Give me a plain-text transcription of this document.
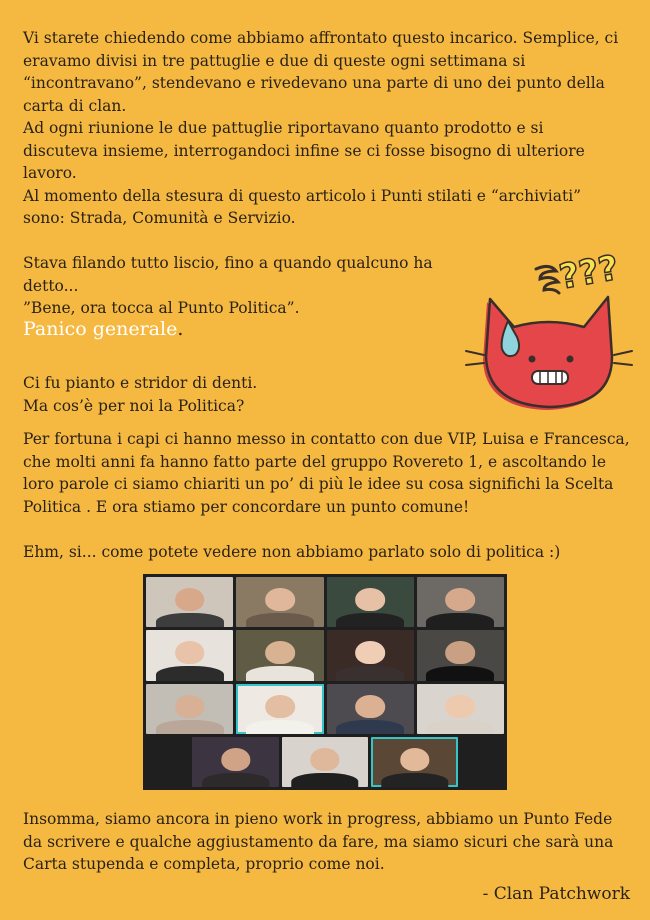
Vi starete chiedendo come abbiamo affrontato questo incarico. Semplice, ci eravamo divisi in tre pattuglie e due di queste ogni settimana si “incontravano”, stendevano e rivedevano una parte di uno dei punto della carta di clan.
Ad ogni riunione le due pattuglie riportavano quanto prodotto e si discuteva insieme, interrogandoci infine se ci fosse bisogno di ulteriore lavoro.
Al momento della stesura di questo articolo i Punti stilati e “archiviati” sono: Strada, Comunità e Servizio.

Stava filando tutto liscio, fino a quando qualcuno ha detto...
”Bene, ora tocca al Punto Politica”.

Panico generale.

Ci fu pianto e stridor di denti.
Ma cos’è per noi la Politica?

Per fortuna i capi ci hanno messo in contatto con due VIP, Luisa e Francesca, che molti anni fa hanno fatto parte del gruppo Rovereto 1, e ascoltando le loro parole ci siamo chiariti un po’ di più le idee su cosa significhi la Scelta Politica . E ora stiamo per concordare un punto comune!

Ehm, si... come potete vedere non abbiamo parlato solo di politica :)

???

Insomma, siamo ancora in pieno work in progress, abbiamo un Punto Fede da scrivere e qualche aggiustamento da fare, ma siamo sicuri che sarà una Carta stupenda e completa, proprio come noi.

- Clan Patchwork
